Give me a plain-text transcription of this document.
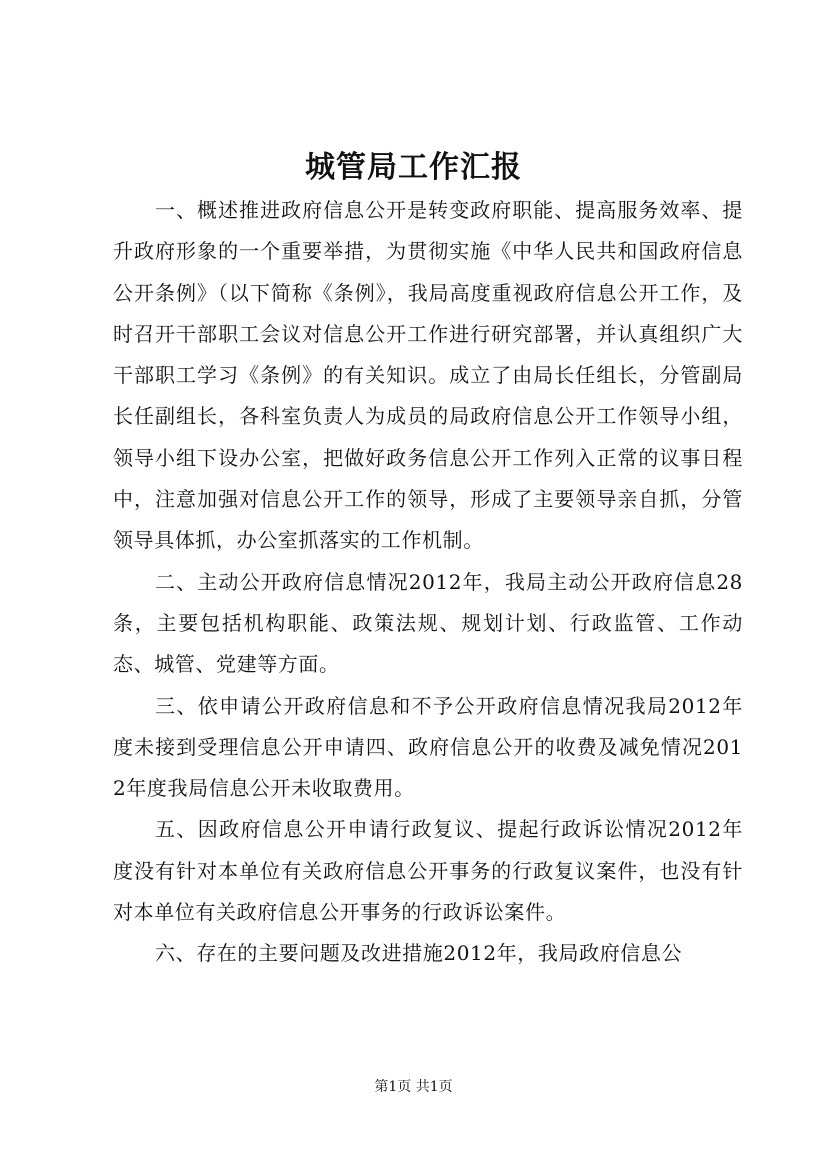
城管局工作汇报

一、概述推进政府信息公开是转变政府职能、提高服务效率、提升政府形象的一个重要举措，为贯彻实施《中华人民共和国政府信息公开条例》（以下简称《条例》，我局高度重视政府信息公开工作，及时召开干部职工会议对信息公开工作进行研究部署，并认真组织广大干部职工学习《条例》的有关知识。成立了由局长任组长，分管副局长任副组长，各科室负责人为成员的局政府信息公开工作领导小组，领导小组下设办公室，把做好政务信息公开工作列入正常的议事日程中，注意加强对信息公开工作的领导，形成了主要领导亲自抓，分管领导具体抓，办公室抓落实的工作机制。

二、主动公开政府信息情况2012年，我局主动公开政府信息28条，主要包括机构职能、政策法规、规划计划、行政监管、工作动态、城管、党建等方面。

三、依申请公开政府信息和不予公开政府信息情况我局2012年度未接到受理信息公开申请四、政府信息公开的收费及减免情况2012年度我局信息公开未收取费用。

五、因政府信息公开申请行政复议、提起行政诉讼情况2012年度没有针对本单位有关政府信息公开事务的行政复议案件，也没有针对本单位有关政府信息公开事务的行政诉讼案件。

六、存在的主要问题及改进措施2012年，我局政府信息公

第1页 共1页
